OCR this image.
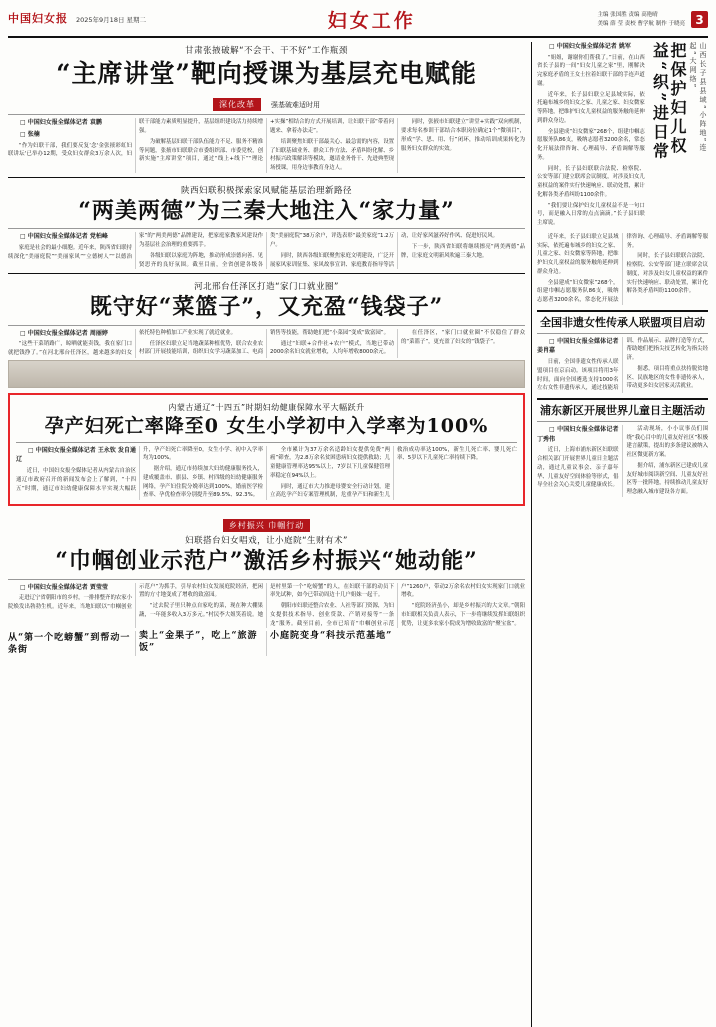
中国妇女报 2025年9月18日 星期二	妇女工作	主编 张国胜 责编 高艳晴
美编 薛 莹 责校 曹学航 制作 于晓亮 3
甘肃张掖破解“不会干、干不好”工作瓶颈
“主席讲堂”靶向授课为基层充电赋能
深化改革 强基破难适时用

□ 中国妇女报全媒体记者 袁鹏

□ 张楠

“作为妇联干部，我们要反复‘念'金张掖彩虹妇联讲坛'已举办12期，受众妇女群众3万余人次，妇联干部能力素质明显提升，基层组织建设活力持续增强。

为破解基层妇联干部队伍能力不足、服务不精准等问题，张掖市妇联联合市委组织部、市委党校，创新实施“主席讲堂”项目，通过“线上+线下”“理论+实操”相结合的方式开展培训，让妇联干部“带着问题来、拿着办法走”。

培训聚焦妇联干部最关心、最急需的内容，设置了妇联基础业务、群众工作方法、矛盾纠纷化解、乡村振兴政策解读等模块，邀请业务骨干、先进典型现场授课，用身边事教育身边人。

同时，张掖市妇联建立“讲堂+实践”双向机制，要求每名参训干部结合本职岗位确定1个“微项目”，形成“学、思、用、行”闭环，推动培训成果转化为服务妇女群众的实效。

陕西妇联积极探索家风赋能基层治理新路径
“两美两德”为三秦大地注入“家力量”

□ 中国妇女报全媒体记者 党柏峰

家庭是社会的最小细胞。近年来，陕西省妇联持续深化“美丽庭院”“美丽家风”“立德树人”“以德治家”的“两美两德”品牌建设，把家庭家教家风建设作为基层社会治理的重要抓手。

各级妇联以家庭为阵地，推动形成崇德向善、见贤思齐的良好氛围。截至目前，全省创建各级各类“美丽庭院”38万余户，评选表彰“最美家庭”1.2万户。

同时，陕西各级妇联聚焦家庭文明建设，广泛开展家风家训征集、家风故事宣讲、家庭教育指导等活动，让好家风滋养好作风、促进好民风。

下一步，陕西省妇联将继续擦亮“两美两德”品牌，让家庭文明新风吹遍三秦大地。

河北邢台任泽区打造“家门口就业圈”
既守好“菜篮子”，又充盈“钱袋子”

□ 中国妇女报全媒体记者 周丽婷

“这些干菜销路广，晾晒就能卖钱，我在家门口就把钱挣了。”在河北邢台任泽区，越来越多的妇女依托特色种植加工产业实现了就近就业。

任泽区妇联立足当地蔬菜种植优势，联合农业农村部门开展技能培训，组织妇女学习蔬菜加工、电商销售等技能，帮助她们把“小菜园”变成“致富园”。

通过“妇联+合作社+农户”模式，当地已带动2000余名妇女就业增收，人均年增收8000余元。

在任泽区，“家门口就业圈”不仅稳住了群众的“菜篮子”，更充盈了妇女的“钱袋子”。

内蒙古通辽“十四五”时期妇幼健康保障水平大幅跃升
孕产妇死亡率降至0 女生小学初中入学率为100%

□ 中国妇女报全媒体记者 王永钦 发自通辽

近日，中国妇女报全媒体记者从内蒙古自治区通辽市政府召开的新闻发布会上了解到，“十四五”时期，通辽市妇幼健康保障水平实现大幅跃升，孕产妇死亡率降至0，女生小学、初中入学率均为100%。

据介绍，通辽市持续加大妇幼健康服务投入，建成覆盖市、旗县、乡镇、村四级的妇幼健康服务网络，孕产妇住院分娩率达到100%，婚前医学检查率、孕优检查率分别提升至89.5%、92.3%。

全市累计为37万余名适龄妇女提供免费“两癌”筛查，为2.8万余名贫困患病妇女提供救助；儿童健康管理率达95%以上，7岁以下儿童保健管理率稳定在94%以上。

同时，通辽市大力推进母婴安全行动计划，建立高危孕产妇专案管理机制，危重孕产妇和新生儿救治成功率达100%，新生儿死亡率、婴儿死亡率、5岁以下儿童死亡率持续下降。

乡村振兴 巾帼行动
妇联搭台妇女唱戏，让小庭院“生财有术”
“巾帼创业示范户”激活乡村振兴“她动能”

□ 中国妇女报全媒体记者 贾莹莹

走进辽宁省朝阳市的乡村，一排排整齐的农家小院焕发出勃勃生机。近年来，当地妇联以“巾帼创业示范户”为抓手，引导农村妇女发展庭院经济，把闲置的方寸地变成了增收的致富园。

“过去院子里只种点自家吃的菜，现在种大棚果蔬，一年能多收入3万多元。”村民李大姐笑着说。她是村里第一个“吃螃蟹”的人，在妇联干部的动员下率先试种，如今已带动周边十几户姐妹一起干。

朝阳市妇联还整合农业、人社等部门资源，为妇女提供技术指导、创业贷款、产销对接等“一条龙”服务。截至目前，全市已培育“巾帼创业示范户”1260户，带动2万余名农村妇女实现家门口就业增收。

“庭院经济虽小，却是乡村振兴的大文章。”朝阳市妇联相关负责人表示，下一步将继续发挥妇联组织优势，让更多农家小院成为增收致富的“聚宝盆”。

从“第一个吃螃蟹”到帮动一条街
卖上“金果子”，吃上“旅游饭”
小庭院变身“科技示范基地”

□ 中国妇女报全媒体记者 姚军

“姐姐，谢谢你们帮我了。”日前，在山西省长子县的一间“妇女儿童之家”里，刚解决完家庭矛盾的王女士拉着妇联干部的手连声道谢。

近年来，长子县妇联立足县域实际，依托遍布城乡的妇女之家、儿童之家、妇女微家等阵地，把维护妇女儿童权益的服务触角延伸到群众身边。

全县建成“妇女微家”268个，组建巾帼志愿服务队86支，吸纳志愿者3200余名，常态化开展法律咨询、心理疏导、矛盾调解等服务。

同时，长子县妇联联合法院、检察院、公安等部门建立联席会议制度，对涉及妇女儿童权益的案件实行快速响应、联动处置，累计化解各类矛盾纠纷1100余件。

“我们要让保护妇女儿童权益不是一句口号，而是融入日常的点点滴滴。”长子县妇联主席说。

把保护妇儿权益“织”进日常	山西长子县县域“小阵地”连起“大网络”

近年来，长子县妇联立足县域实际，依托遍布城乡的妇女之家、儿童之家、妇女微家等阵地，把维护妇女儿童权益的服务触角延伸到群众身边。

全县建成“妇女微家”268个，组建巾帼志愿服务队86支，吸纳志愿者3200余名，常态化开展法律咨询、心理疏导、矛盾调解等服务。

同时，长子县妇联联合法院、检察院、公安等部门建立联席会议制度，对涉及妇女儿童权益的案件实行快速响应、联动处置，累计化解各类矛盾纠纷1100余件。

全国非遗女性传承人联盟项目启动

□ 中国妇女报全媒体记者 姜肖嘉

日前，全国非遗女性传承人联盟项目在京启动。该项目将用3年时间，面向全国遴选支持1000名左右女性非遗传承人，通过技能培训、作品展示、品牌打造等方式，帮助她们把指尖技艺转化为指尖经济。

据悉，项目将重点扶持脱贫地区、民族地区的女性非遗传承人，带动更多妇女居家灵活就业。

浦东新区开展世界儿童日主题活动

□ 中国妇女报全媒体记者 丁秀伟

近日，上海市浦东新区妇联联合相关部门开展世界儿童日主题活动，通过儿童议事会、亲子嘉年华、儿童友好空间体验等形式，倡导全社会关心关爱儿童健康成长。

活动现场，小小议事员们围绕“我心目中的儿童友好社区”积极建言献策，提出的多条建议被纳入社区微更新方案。

据介绍，浦东新区已建成儿童友好城市阅读新空间、儿童友好社区等一批阵地，持续推动儿童友好理念融入城市建设各方面。
